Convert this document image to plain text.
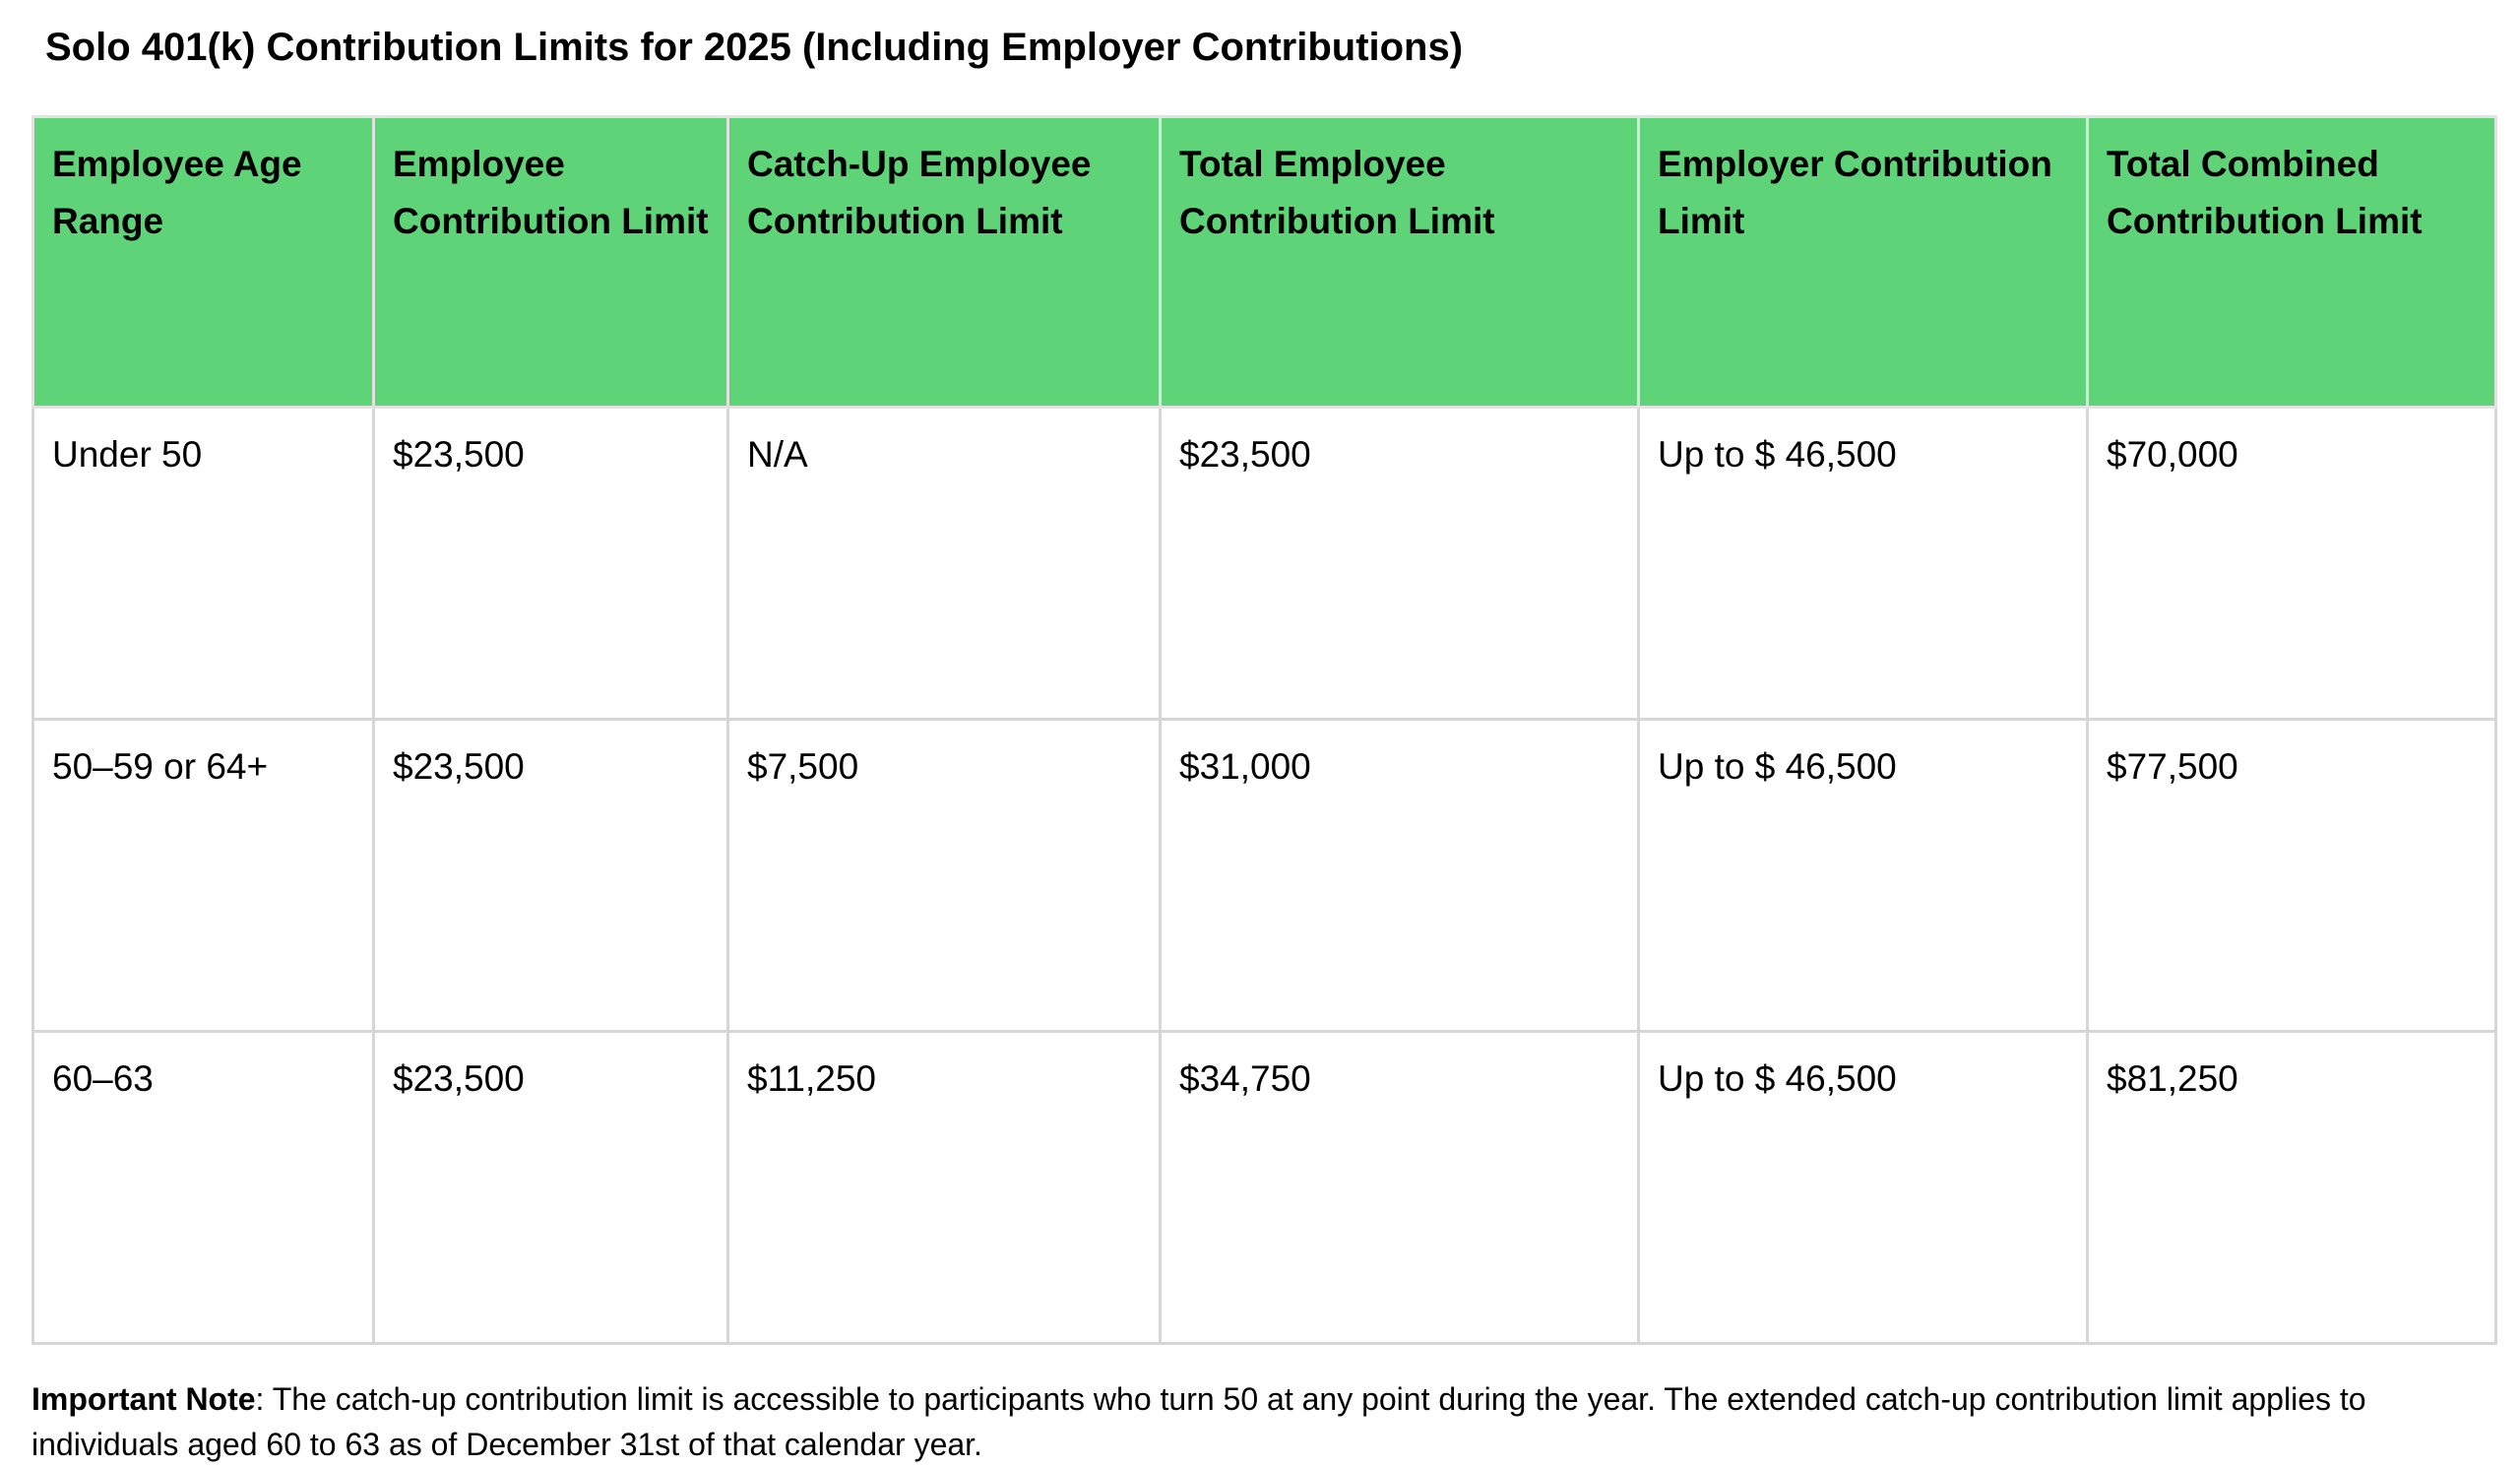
Solo 401(k) Contribution Limits for 2025 (Including Employer Contributions)
Employee Age Range	Employee Contribution Limit	Catch-Up Employee Contribution Limit	Total Employee Contribution Limit	Employer Contribution Limit	Total Combined Contribution Limit
Under 50	$23,500	N/A	$23,500	Up to $ 46,500	$70,000
50–59 or 64+	$23,500	$7,500	$31,000	Up to $ 46,500	$77,500
60–63	$23,500	$11,250	$34,750	Up to $ 46,500	$81,250

Important Note: The catch-up contribution limit is accessible to participants who turn 50 at any point during the year. The extended catch-up contribution limit applies to individuals aged 60 to 63 as of December 31st of that calendar year.
